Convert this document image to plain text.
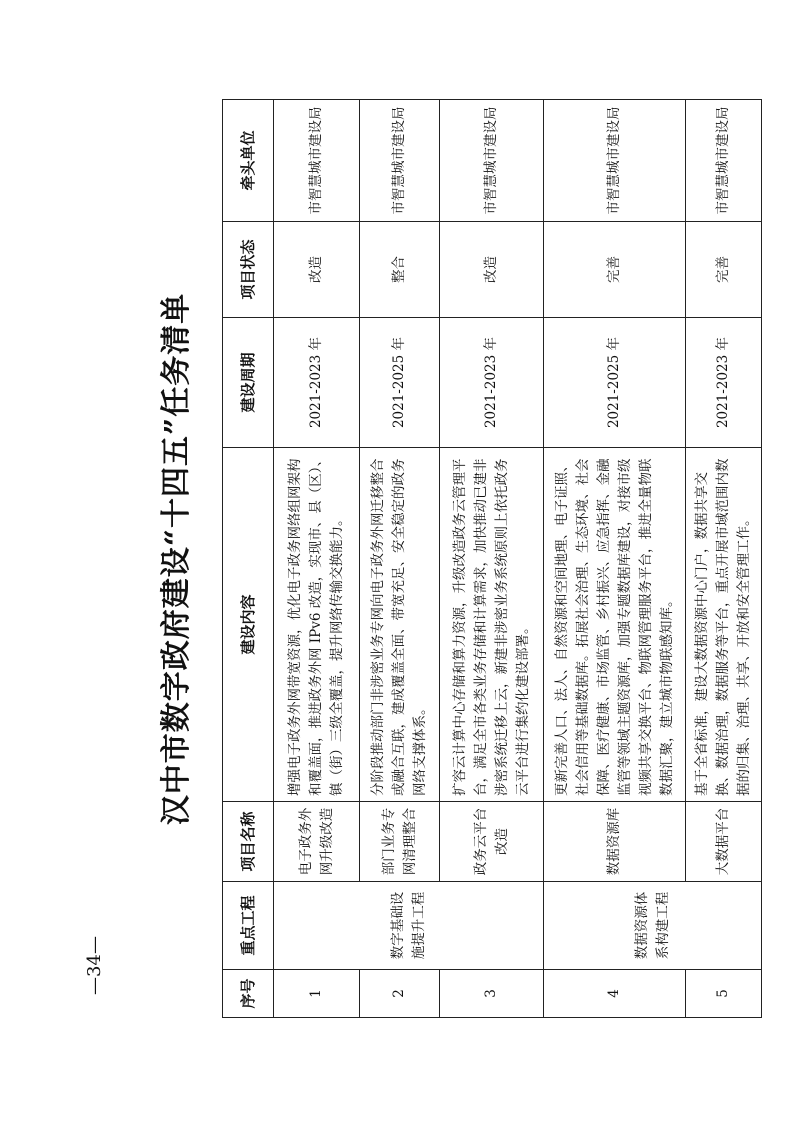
汉中市数字政府建设“十四五”任务清单
序号	重点工程	项目名称	建设内容	建设周期	项目状态	牵头单位
1	数字基础设施提升工程	电子政务外网升级改造	增强电子政务外网带宽资源，优化电子政务网络组网架构和覆盖面，推进政务外网 IPv6 改造，实现市、县（区）、镇（街）三级全覆盖，提升网络传输交换能力。	2021-2023 年	改造	市智慧城市建设局
2		部门业务专网清理整合	分阶段推动部门非涉密业务专网向电子政务外网迁移整合或融合互联，建成覆盖全面、带宽充足、安全稳定的政务网络支撑体系。	2021-2025 年	整合	市智慧城市建设局
3		政务云平台改造	扩容云计算中心存储和算力资源，升级改造政务云管理平台，满足全市各类业务存储和计算需求，加快推动已建非涉密系统迁移上云，新建非涉密业务系统原则上依托政务云平台进行集约化建设部署。	2021-2023 年	改造	市智慧城市建设局
4	数据资源体系构建工程	数据资源库	更新完善人口、法人、自然资源和空间地理、电子证照、社会信用等基础数据库。拓展社会治理、生态环境、社会保障、医疗健康、市场监管、乡村振兴、应急指挥、金融监管等领域主题资源库，加强专题数据库建设，对接市级视频共享交换平台、物联网管理服务平台，推进全量物联数据汇聚，建立城市物联感知库。	2021-2025 年	完善	市智慧城市建设局
5		大数据平台	基于全省标准，建设大数据资源中心门户，数据共享交换、数据治理，数据服务等平台，重点开展市域范围内数据的归集、治理、共享、开放和安全管理工作。	2021-2023 年	完善	市智慧城市建设局
—34—
